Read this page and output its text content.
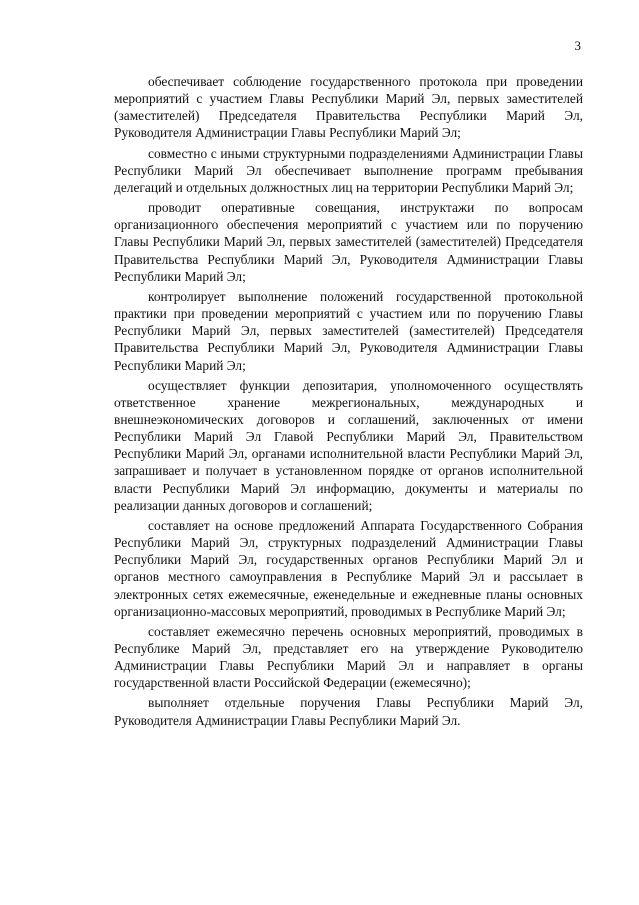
3

обеспечивает соблюдение государственного протокола при проведении мероприятий с участием Главы Республики Марий Эл, первых заместителей (заместителей) Председателя Правительства Республики Марий Эл, Руководителя Администрации Главы Республики Марий Эл;

совместно с иными структурными подразделениями Администрации Главы Республики Марий Эл обеспечивает выполнение программ пребывания делегаций и отдельных должностных лиц на территории Республики Марий Эл;

проводит оперативные совещания, инструктажи по вопросам организационного обеспечения мероприятий с участием или по поручению Главы Республики Марий Эл, первых заместителей (заместителей) Председателя Правительства Республики Марий Эл, Руководителя Администрации Главы Республики Марий Эл;

контролирует выполнение положений государственной протокольной практики при проведении мероприятий с участием или по поручению Главы Республики Марий Эл, первых заместителей (заместителей) Председателя Правительства Республики Марий Эл, Руководителя Администрации Главы Республики Марий Эл;

осуществляет функции депозитария, уполномоченного осуществлять ответственное хранение межрегиональных, международных и внешнеэкономических договоров и соглашений, заключенных от имени Республики Марий Эл Главой Республики Марий Эл, Правительством Республики Марий Эл, органами исполнительной власти Республики Марий Эл, запрашивает и получает в установленном порядке от органов исполнительной власти Республики Марий Эл информацию, документы и материалы по реализации данных договоров и соглашений;

составляет на основе предложений Аппарата Государственного Собрания Республики Марий Эл, структурных подразделений Администрации Главы Республики Марий Эл, государственных органов Республики Марий Эл и органов местного самоуправления в Республике Марий Эл и рассылает в электронных сетях ежемесячные, еженедельные и ежедневные планы основных организационно-массовых мероприятий, проводимых в Республике Марий Эл;

составляет ежемесячно перечень основных мероприятий, проводимых в Республике Марий Эл, представляет его на утверждение Руководителю Администрации Главы Республики Марий Эл и направляет в органы государственной власти Российской Федерации (ежемесячно);

выполняет отдельные поручения Главы Республики Марий Эл, Руководителя Администрации Главы Республики Марий Эл.
